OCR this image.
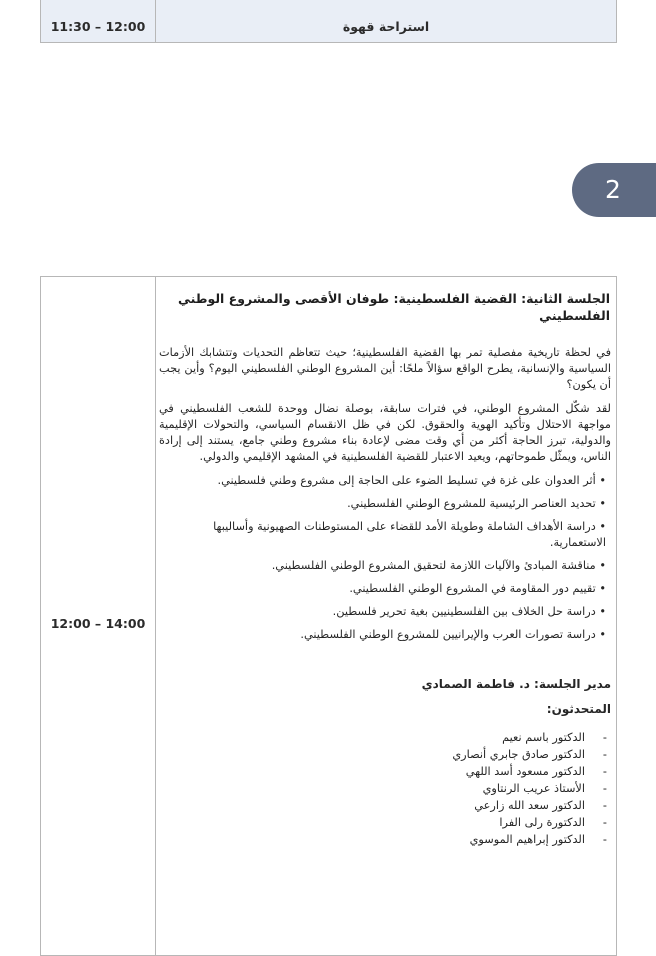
11:30 – 12:00	استراحة قهوة
2
12:00 – 14:00

الجلسة الثانية: القضية الفلسطينية: طوفان الأقصى والمشروع الوطني الفلسطيني

في لحظة تاريخية مفصلية تمر بها القضية الفلسطينية؛ حيث تتعاظم التحديات وتتشابك الأزمات السياسية والإنسانية، يطرح الواقع سؤالاً ملحًا: أين المشروع الوطني الفلسطيني اليوم؟ وأين يجب أن يكون؟

لقد شكّل المشروع الوطني، في فترات سابقة، بوصلة نضال ووحدة للشعب الفلسطيني في مواجهة الاحتلال وتأكيد الهوية والحقوق. لكن في ظل الانقسام السياسي، والتحولات الإقليمية والدولية، تبرز الحاجة أكثر من أي وقت مضى لإعادة بناء مشروع وطني جامع، يستند إلى إرادة الناس، ويمثّل طموحاتهم، ويعيد الاعتبار للقضية الفلسطينية في المشهد الإقليمي والدولي.

• أثر العدوان على غزة في تسليط الضوء على الحاجة إلى مشروع وطني فلسطيني.
• تحديد العناصر الرئيسية للمشروع الوطني الفلسطيني.
• دراسة الأهداف الشاملة وطويلة الأمد للقضاء على المستوطنات الصهيونية وأساليبها الاستعمارية.
• مناقشة المبادئ والآليات اللازمة لتحقيق المشروع الوطني الفلسطيني.
• تقييم دور المقاومة في المشروع الوطني الفلسطيني.
• دراسة حل الخلاف بين الفلسطينيين بغية تحرير فلسطين.
• دراسة تصورات العرب والإيرانيين للمشروع الوطني الفلسطيني.

مدير الجلسة: د. فاطمة الصمادي

المتحدثون:

-الدكتور باسم نعيم
-الدكتور صادق جابري أنصاري
-الدكتور مسعود أسد اللهي
-الأستاذ عريب الرنتاوي
-الدكتور سعد الله زارعي
-الدكتورة رلى الفرا
-الدكتور إبراهيم الموسوي
